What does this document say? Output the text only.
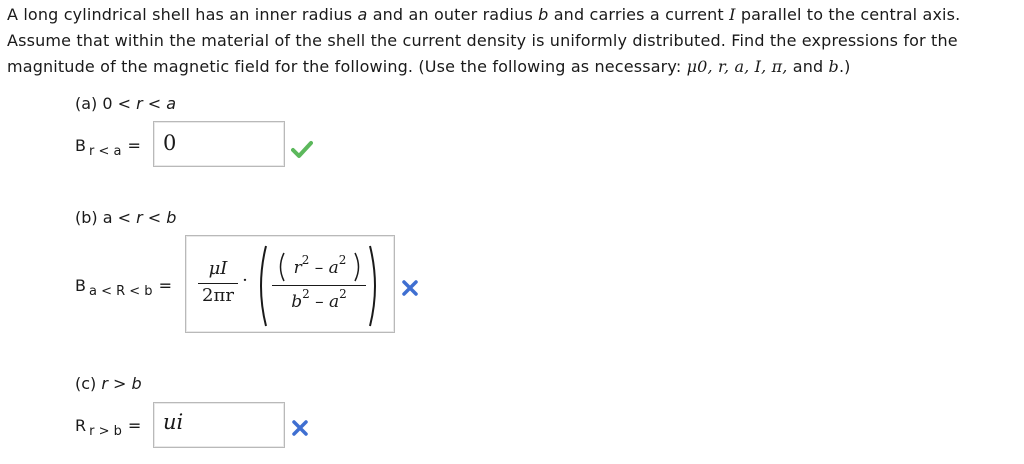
A long cylindrical shell has an inner radius a and an outer radius b and carries a current I parallel to the central axis.
Assume that within the material of the shell the current density is uniformly distributed. Find the expressions for the
magnitude of the magnetic field for the following. (Use the following as necessary: μ0, r, a, I, π, and b.)
(a) 0 < r < a
B r < a = 0
(b) a < r < b
B a < R < b =
μI
2πr
·
$r^2 - a^2$
$b^2 - a^2$
(c) r > b
R r > b = ui
